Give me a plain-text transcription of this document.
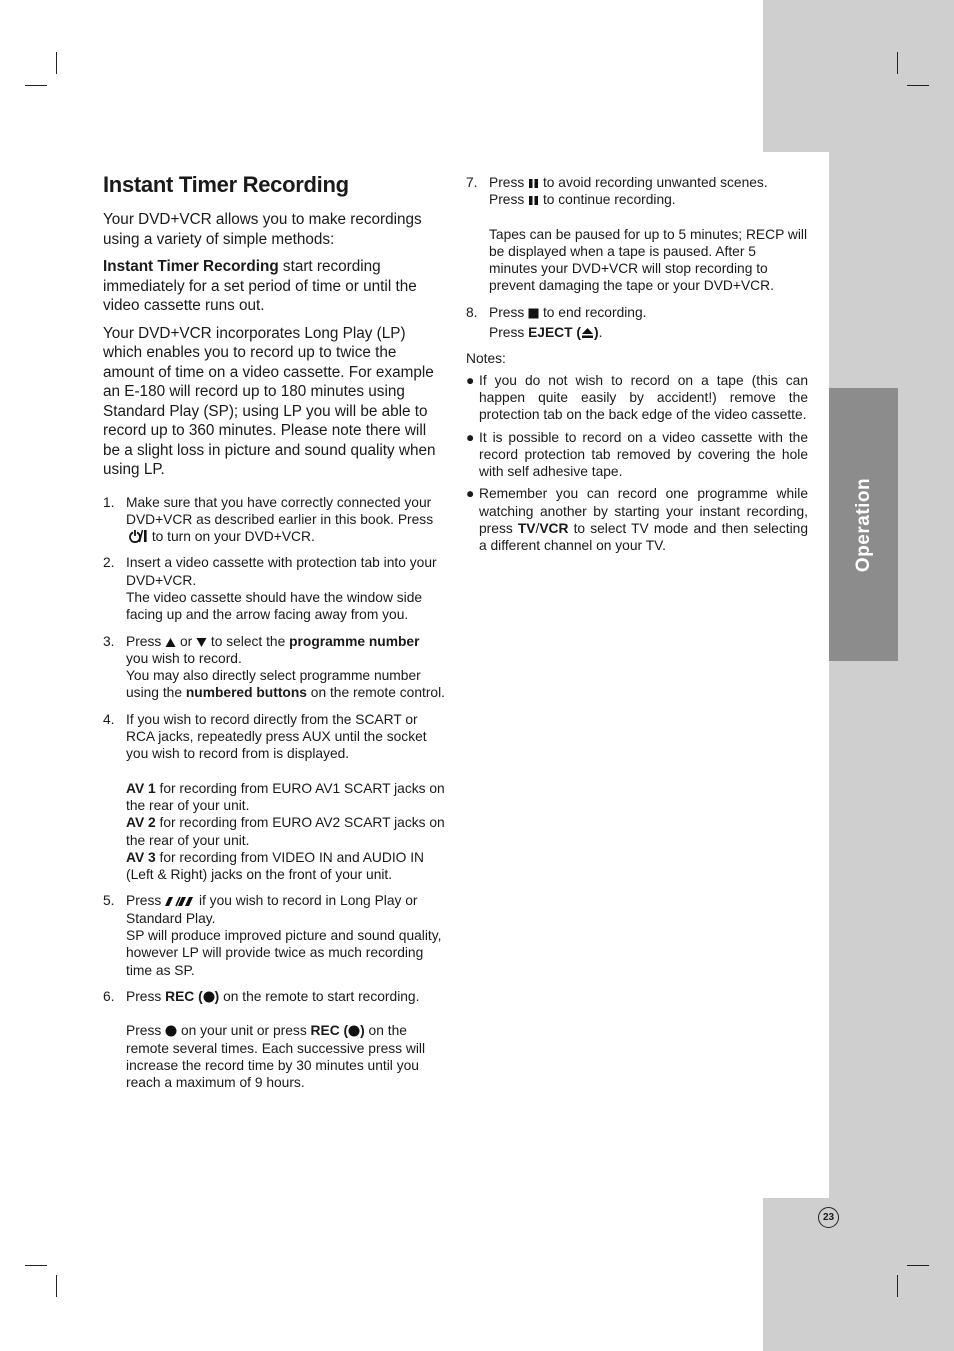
Operation
23
Instant Timer Recording

Your DVD+VCR allows you to make recordings using a variety of simple methods:

Instant Timer Recording start recording immediately for a set period of time or until the video cassette runs out.

Your DVD+VCR incorporates Long Play (LP) which enables you to record up to twice the amount of time on a video cassette. For example an E-180 will record up to 180 minutes using Standard Play (SP); using LP you will be able to record up to 360 minutes. Please note there will be a slight loss in picture and sound quality when using LP.

1. Make sure that you have correctly connected your DVD+VCR as described earlier in this book. Press  to turn on your DVD+VCR.
2. Insert a video cassette with protection tab into your DVD+VCR.
The video cassette should have the window side facing up and the arrow facing away from you.
3. Press  or  to select the programme number you wish to record.
You may also directly select programme number using the numbered buttons on the remote control.
4. If you wish to record directly from the SCART or RCA jacks, repeatedly press AUX until the socket you wish to record from is displayed.
AV 1 for recording from EURO AV1 SCART jacks on the rear of your unit.
AV 2 for recording from EURO AV2 SCART jacks on the rear of your unit.
AV 3 for recording from VIDEO IN and AUDIO IN (Left & Right) jacks on the front of your unit.
5. Press  if you wish to record in Long Play or Standard Play.
SP will produce improved picture and sound quality, however LP will provide twice as much recording time as SP.
6. Press REC ( ) on the remote to start recording.
Press  on your unit or press REC ( ) on the remote several times. Each successive press will increase the record time by 30 minutes until you reach a maximum of 9 hours.
7. Press  to avoid recording unwanted scenes.
Press  to continue recording.
Tapes can be paused for up to 5 minutes; RECP will be displayed when a tape is paused. After 5 minutes your DVD+VCR will stop recording to prevent damaging the tape or your DVD+VCR.
8. Press  to end recording.
Press EJECT ( ).
Notes:
● If you do not wish to record on a tape (this can happen quite easily by accident!) remove the protection tab on the back edge of the video cassette.
● It is possible to record on a video cassette with the record protection tab removed by covering the hole with self adhesive tape.
● Remember you can record one programme while watching another by starting your instant recording, press TV/VCR to select TV mode and then selecting a different channel on your TV.
